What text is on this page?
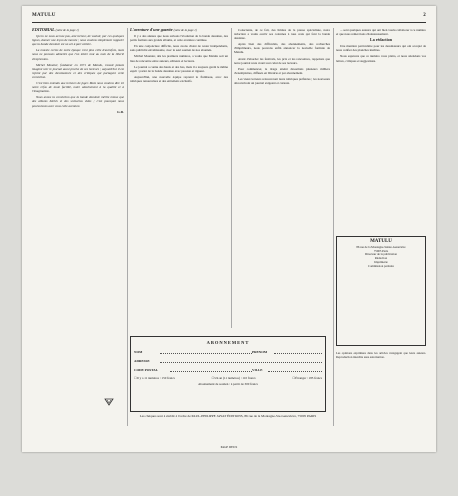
MATULU	2
EDITORIAL (suite de la page 1)

Qu'on ne nous accuse pas, ami lecteur, de vouloir, par ces quelques lignes, donner une leçon de morale ; nous voulons simplement rappeler que la bande dessinée est un art à part entière.

La morale certes de notre époque n'est plus celle d'autrefois, mais nous ne pouvons admettre que l'on tolère tout au nom de la liberté d'expression.

Michel Mounier, fondateur en 1971 de Matulu, n'avait jamais imaginé voir le journal aussi proche de ses lecteurs ; aujourd'hui il est rejoint par des dessinateurs et des critiques qui partagent cette conviction.

C'est bien entendu aux lecteurs de juger. Mais nous voulons dire ici notre refus de toute facilité, notre attachement à la qualité et à l'imagination.

Nous avons la conviction que la bande dessinée mérite mieux que des albums bâclés et des scénarios vides ; c'est pourquoi nous poursuivons avec vous cette aventure.

G.D.
L'aventure d'une gazette (suite de la page 1)

Il y a des années que nous suivons l'évolution de la bande dessinée, des petits formats aux grands albums, et cette aventure continue.

En une conjoncture difficile, nous avons choisi de rester indépendants, sans publicité envahissante, avec le seul soutien de nos abonnés.

Michel Mounier, dès les premiers numéros, a voulu que Matulu soit un lieu de rencontre entre auteurs, éditeurs et lecteurs.

Le journal a connu des hauts et des bas, mais il a toujours gardé le même esprit : parler de la bande dessinée avec passion et rigueur.

Aujourd'hui, une nouvelle équipe reprend le flambeau, avec des rubriques renouvelées et des entretiens exclusifs.

Consciente, de ce fait, des limites de la presse spécialisée, notre rédaction a voulu ouvrir ses colonnes à tous ceux qui font la bande dessinée.

Après bien des difficultés, des abonnements, des recherches d'imprimeurs, nous pouvons enfin annoncer la nouvelle formule de Matulu.

Avant d'aborder les festivals, les prix et les rencontres, rappelons que notre journal reste avant tout celui de ses lecteurs.

Pour commencer, le tirage atteint désormais plusieurs milliers d'exemplaires, diffusés en librairie et par abonnement.

Les vieux lecteurs retrouveront leurs rubriques préférées ; les nouveaux découvriront un journal exigeant et curieux.

... sont quelques auteurs qui ont bien voulu collaborer à ce numéro et que nous remercions chaleureusement.

La rédaction

Une mention particulière pour les dessinateurs qui ont accepté de nous confier des planches inédites.

Nous espérons que ce numéro vous plaira, et nous attendons vos lettres, critiques et suggestions.

ABONNEMENT
NOM	PRENOM
ADRESSE
CODE POSTAL	VILLE
☐ Il y a 11 numéros : 150 francs	☐ Un an (11 numéros) : 110 francs	☐ Étranger : 185 francs
Abonnement de soutien : à partir de 300 francs
Les chèques sont à établir à l'ordre de PAUL-PHILIPPE JAYAT ÉDITIONS, 86 rue de la Montagne-Ste-Geneviève, 75005 PARIS
MATULU
86 rue de la Montagne-Sainte-Geneviève
75005 Paris
Directeur de la publication
Rédaction
Imprimerie
Commission paritaire
Les opinions exprimées dans les articles n'engagent que leurs auteurs. Reproduction interdite sans autorisation.
PAGE DEUX
